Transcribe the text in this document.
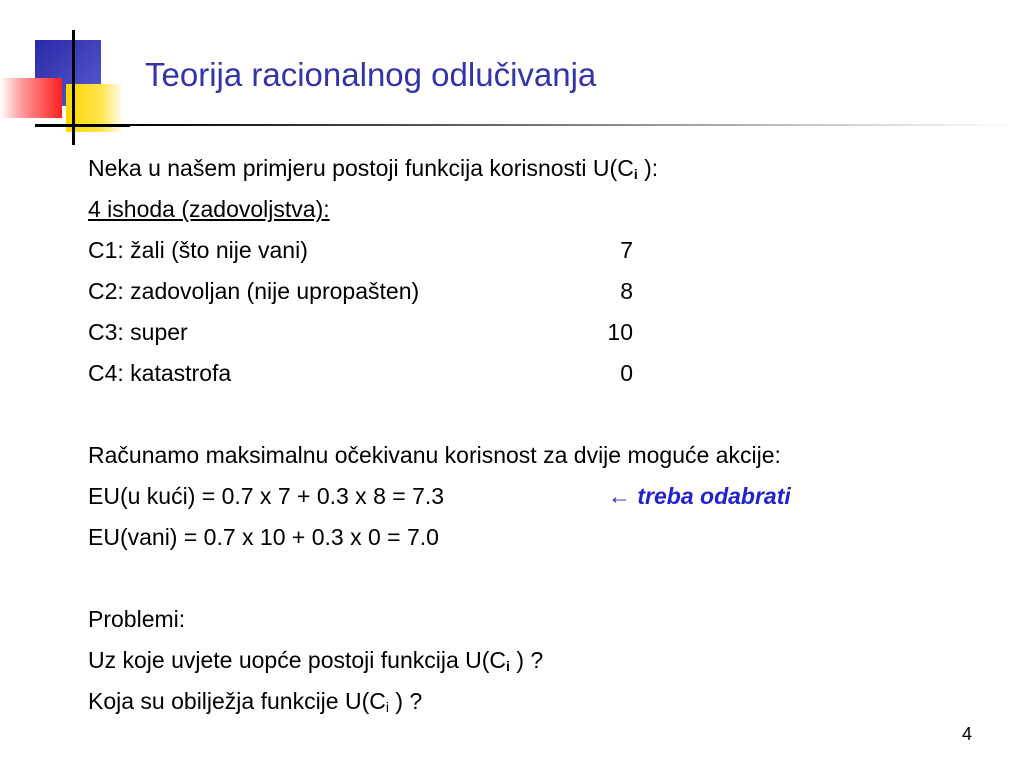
Teorija racionalnog odlučivanja
Neka u našem primjeru postoji funkcija korisnosti $U(C_i$ ):
4 ishoda (zadovoljstva):
C1: žali (što nije vani)	7
C2: zadovoljan (nije upropašten)	8
C3: super	10
C4: katastrofa	0
Računamo maksimalnu očekivanu korisnost za dvije moguće akcije:
EU(u kući) = 0.7 x 7 + 0.3 x 8 = 7.3	← treba odabrati
EU(vani) = 0.7 x 10 + 0.3 x 0 = 7.0
Problemi:
Uz koje uvjete uopće postoji funkcija $U(C_i$ ) ?
Koja su obilježja funkcije $U(C_i$ ) ?
4
